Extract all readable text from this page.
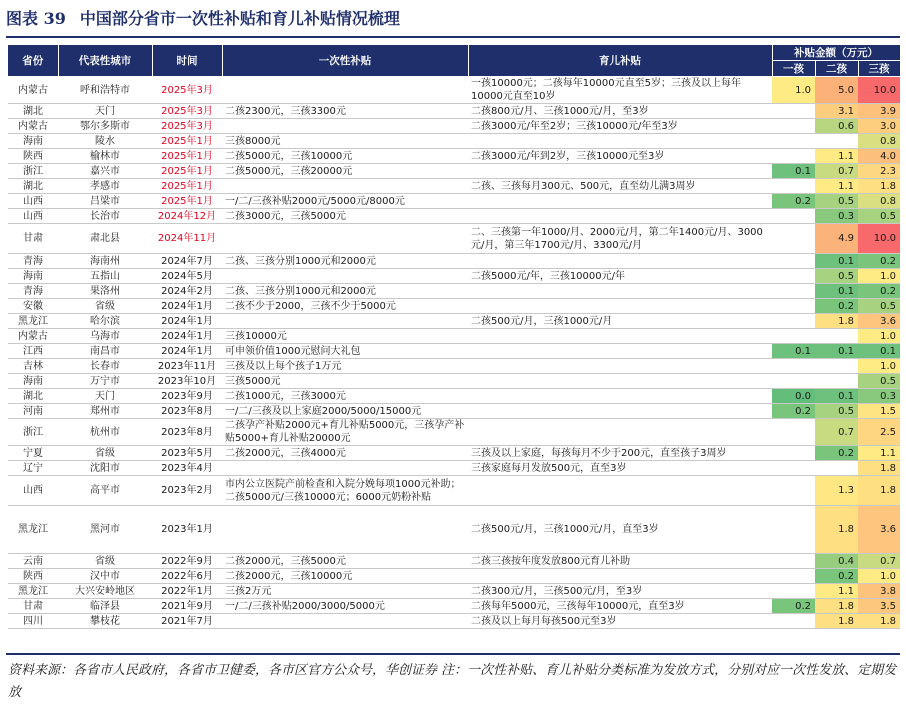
图表 39 中国部分省市一次性补贴和育儿补贴情况梳理
省份	代表性城市	时间	一次性补贴	育儿补贴	补贴金额（万元）		
					一孩	二孩	三孩
内蒙古	呼和浩特市	2025年3月		一孩10000元；二孩每年10000元直至5岁；三孩及以上每年10000元直至10岁	1.0	5.0	10.0
湖北	天门	2025年3月	二孩2300元，三孩3300元	二孩800元/月、三孩1000元/月，至3岁		3.1	3.9
内蒙古	鄂尔多斯市	2025年3月		二孩3000元/年至2岁；三孩10000元/年至3岁		0.6	3.0
海南	陵水	2025年1月	三孩8000元				0.8
陕西	榆林市	2025年1月	二孩5000元，三孩10000元	二孩3000元/年到2岁，三孩10000元至3岁		1.1	4.0
浙江	嘉兴市	2025年1月	二孩5000元，三孩20000元		0.1	0.7	2.3
湖北	孝感市	2025年1月		二孩、三孩每月300元、500元，直至幼儿满3周岁		1.1	1.8
山西	吕梁市	2025年1月	一/二/三孩补贴2000元/5000元/8000元		0.2	0.5	0.8
山西	长治市	2024年12月	二孩3000元，三孩5000元			0.3	0.5
甘肃	肃北县	2024年11月		二、三孩第一年1000/月、2000元/月，第二年1400元/月、3000元/月，第三年1700元/月、3300元/月		4.9	10.0
青海	海南州	2024年7月	二孩、三孩分别1000元和2000元			0.1	0.2
海南	五指山	2024年5月		二孩5000元/年，三孩10000元/年		0.5	1.0
青海	果洛州	2024年2月	二孩、三孩分别1000元和2000元			0.1	0.2
安徽	省级	2024年1月	二孩不少于2000，三孩不少于5000元			0.2	0.5
黑龙江	哈尔滨	2024年1月		二孩500元/月，三孩1000元/月		1.8	3.6
内蒙古	乌海市	2024年1月	三孩10000元				1.0
江西	南昌市	2024年1月	可申领价值1000元慰问大礼包		0.1	0.1	0.1
吉林	长春市	2023年11月	三孩及以上每个孩子1万元				1.0
海南	万宁市	2023年10月	三孩5000元				0.5
湖北	天门	2023年9月	二孩1000元，三孩3000元		0.0	0.1	0.3
河南	郑州市	2023年8月	一/二/三孩及以上家庭2000/5000/15000元		0.2	0.5	1.5
浙江	杭州市	2023年8月	二孩孕产补贴2000元+育儿补贴5000元，三孩孕产补贴5000+育儿补贴20000元			0.7	2.5
宁夏	省级	2023年5月	二孩2000元，三孩4000元	三孩及以上家庭，每孩每月不少于200元，直至孩子3周岁		0.2	1.1
辽宁	沈阳市	2023年4月		三孩家庭每月发放500元，直至3岁			1.8
山西	高平市	2023年2月	市内公立医院产前检查和入院分娩每项1000元补助；二孩5000元/三孩10000元；6000元奶粉补贴			1.3	1.8
黑龙江	黑河市	2023年1月		二孩500元/月，三孩1000元/月，直至3岁		1.8	3.6
云南	省级	2022年9月	二孩2000元，三孩5000元	二孩三孩按年度发放800元育儿补助		0.4	0.7
陕西	汉中市	2022年6月	二孩2000元，三孩10000元			0.2	1.0
黑龙江	大兴安岭地区	2022年1月	三孩2万元	二孩300元/月，三孩500元/月，至3岁		1.1	3.8
甘肃	临泽县	2021年9月	一/二/三孩补贴2000/3000/5000元	二孩每年5000元，三孩每年10000元，直至3岁	0.2	1.8	3.5
四川	攀枝花	2021年7月		二孩及以上每月每孩500元至3岁		1.8	1.8
资料来源：各省市人民政府，各省市卫健委，各市区官方公众号，华创证券 注：一次性补贴、育儿补贴分类标准为发放方式，分别对应一次性发放、定期发放
